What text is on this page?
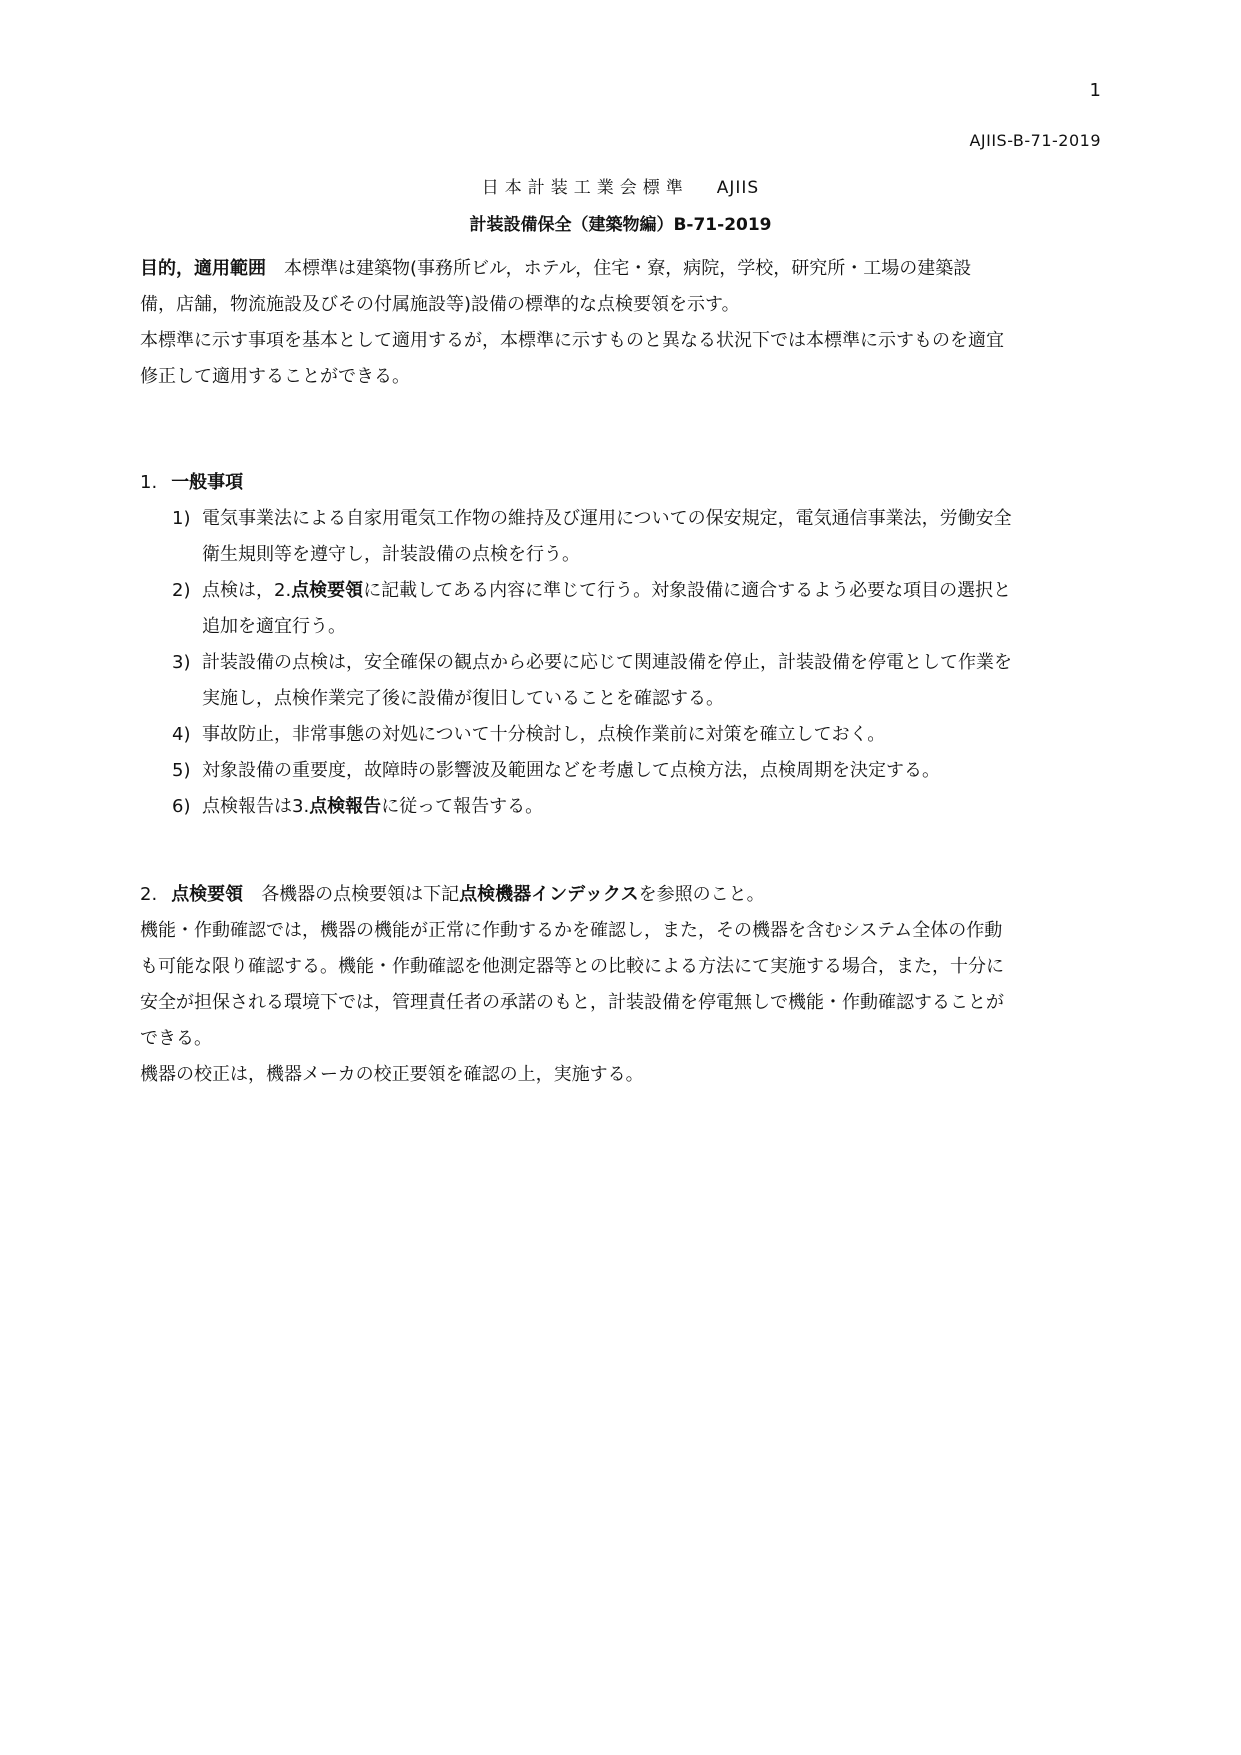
1
AJIIS-B-71-2019
日本計装工業会標準 AJIIS
計装設備保全（建築物編）B-71-2019
目的，適用範囲 本標準は建築物(事務所ビル，ホテル，住宅・寮，病院，学校，研究所・工場の建築設
備，店舗，物流施設及びその付属施設等)設備の標準的な点検要領を示す。
本標準に示す事項を基本として適用するが，本標準に示すものと異なる状況下では本標準に示すものを適宜
修正して適用することができる。
1. 一般事項
1) 電気事業法による自家用電気工作物の維持及び運用についての保安規定，電気通信事業法，労働安全
衛生規則等を遵守し，計装設備の点検を行う。
2) 点検は，2.点検要領に記載してある内容に準じて行う。対象設備に適合するよう必要な項目の選択と
追加を適宜行う。
3) 計装設備の点検は，安全確保の観点から必要に応じて関連設備を停止，計装設備を停電として作業を
実施し，点検作業完了後に設備が復旧していることを確認する。
4) 事故防止，非常事態の対処について十分検討し，点検作業前に対策を確立しておく。
5) 対象設備の重要度，故障時の影響波及範囲などを考慮して点検方法，点検周期を決定する。
6) 点検報告は3.点検報告に従って報告する。
2. 点検要領 各機器の点検要領は下記点検機器インデックスを参照のこと。
機能・作動確認では，機器の機能が正常に作動するかを確認し，また，その機器を含むシステム全体の作動
も可能な限り確認する。機能・作動確認を他測定器等との比較による方法にて実施する場合，また，十分に
安全が担保される環境下では，管理責任者の承諾のもと，計装設備を停電無しで機能・作動確認することが
できる。
機器の校正は，機器メーカの校正要領を確認の上，実施する。
